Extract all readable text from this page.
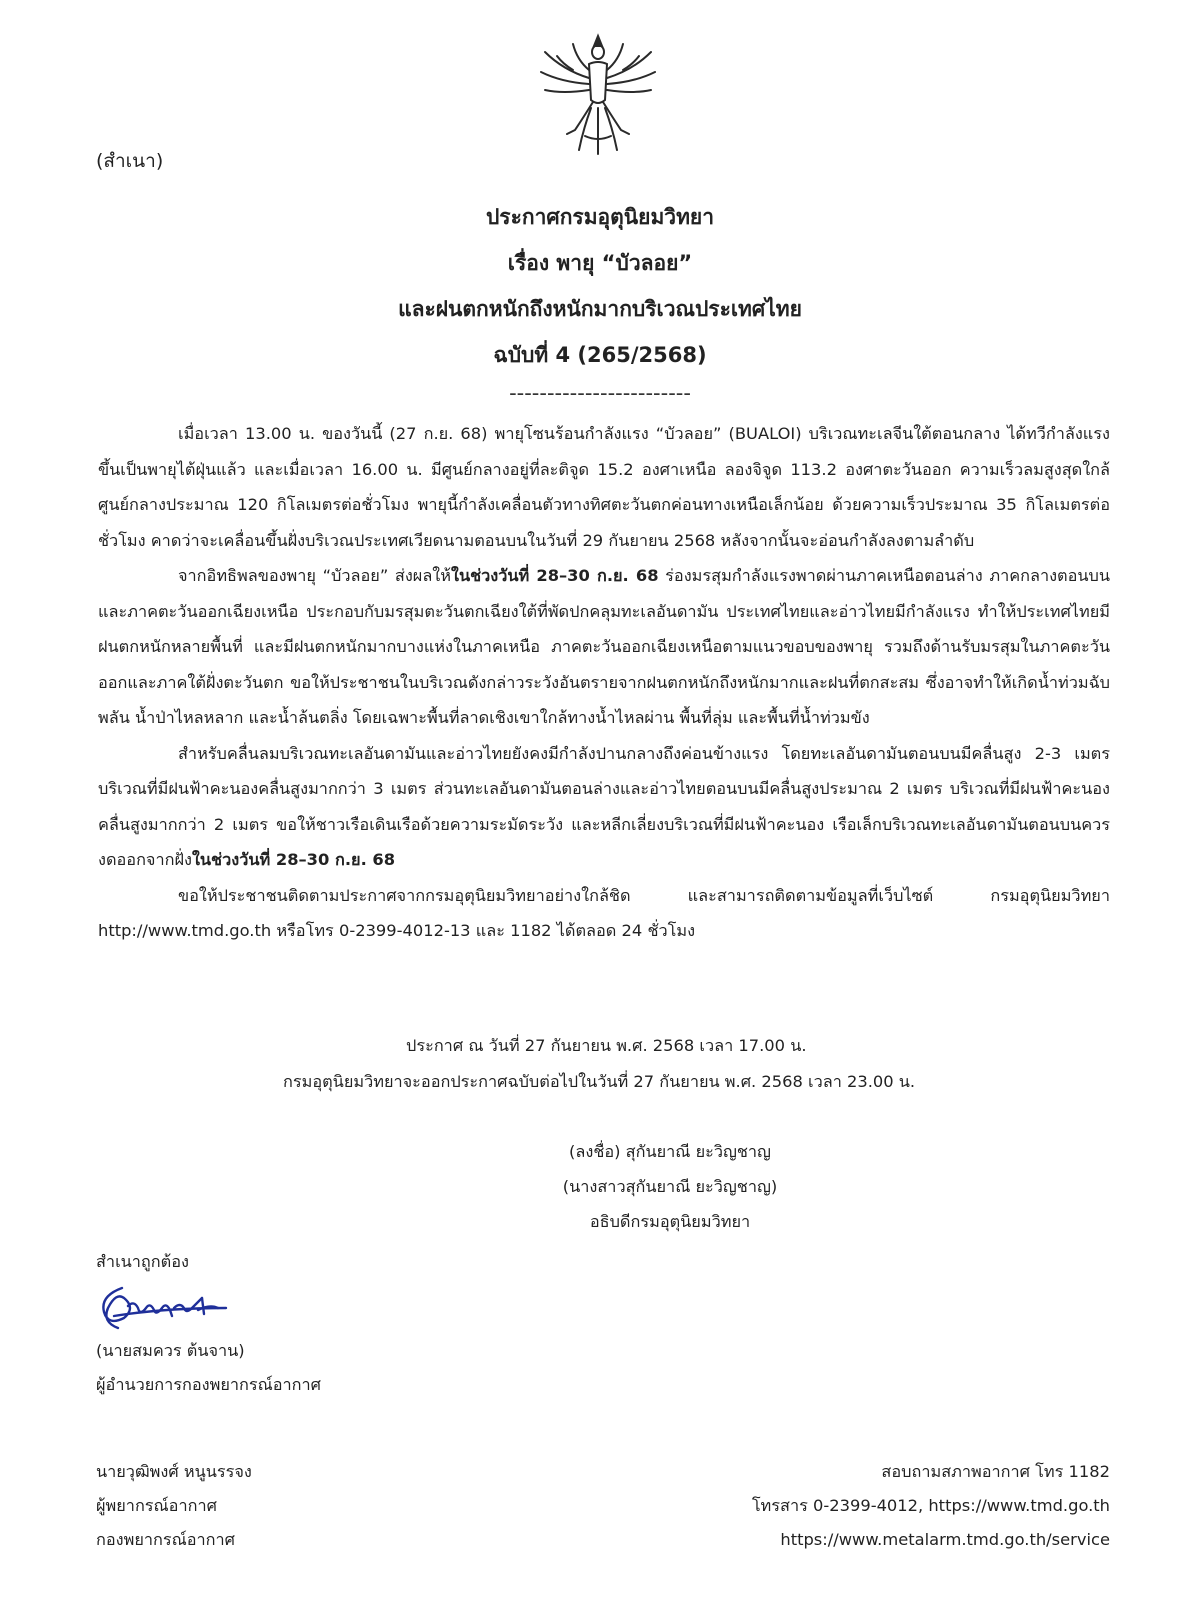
(สำเนา)
ประกาศกรมอุตุนิยมวิทยา
เรื่อง พายุ “บัวลอย”
และฝนตกหนักถึงหนักมากบริเวณประเทศไทย
ฉบับที่ 4 (265/2568)
------------------------

เมื่อเวลา 13.00 น. ของวันนี้ (27 ก.ย. 68) พายุโซนร้อนกำลังแรง “บัวลอย” (BUALOI) บริเวณทะเลจีนใต้ตอนกลาง ได้ทวีกำลังแรงขึ้นเป็นพายุไต้ฝุ่นแล้ว และเมื่อเวลา 16.00 น. มีศูนย์กลางอยู่ที่ละติจูด 15.2 องศาเหนือ ลองจิจูด 113.2 องศาตะวันออก ความเร็วลมสูงสุดใกล้ศูนย์กลางประมาณ 120 กิโลเมตรต่อชั่วโมง พายุนี้กำลังเคลื่อนตัวทางทิศตะวันตกค่อนทางเหนือเล็กน้อย ด้วยความเร็วประมาณ 35 กิโลเมตรต่อชั่วโมง คาดว่าจะเคลื่อนขึ้นฝั่งบริเวณประเทศเวียดนามตอนบนในวันที่ 29 กันยายน 2568 หลังจากนั้นจะอ่อนกำลังลงตามลำดับ

จากอิทธิพลของพายุ “บัวลอย” ส่งผลให้ในช่วงวันที่ 28–30 ก.ย. 68 ร่องมรสุมกำลังแรงพาดผ่านภาคเหนือตอนล่าง ภาคกลางตอนบน และภาคตะวันออกเฉียงเหนือ ประกอบกับมรสุมตะวันตกเฉียงใต้ที่พัดปกคลุมทะเลอันดามัน ประเทศไทยและอ่าวไทยมีกำลังแรง ทำให้ประเทศไทยมีฝนตกหนักหลายพื้นที่ และมีฝนตกหนักมากบางแห่งในภาคเหนือ ภาคตะวันออกเฉียงเหนือตามแนวขอบของพายุ รวมถึงด้านรับมรสุมในภาคตะวันออกและภาคใต้ฝั่งตะวันตก ขอให้ประชาชนในบริเวณดังกล่าวระวังอันตรายจากฝนตกหนักถึงหนักมากและฝนที่ตกสะสม ซึ่งอาจทำให้เกิดน้ำท่วมฉับพลัน น้ำป่าไหลหลาก และน้ำล้นตลิ่ง โดยเฉพาะพื้นที่ลาดเชิงเขาใกล้ทางน้ำไหลผ่าน พื้นที่ลุ่ม และพื้นที่น้ำท่วมขัง

สำหรับคลื่นลมบริเวณทะเลอันดามันและอ่าวไทยยังคงมีกำลังปานกลางถึงค่อนข้างแรง โดยทะเลอันดามันตอนบนมีคลื่นสูง 2-3 เมตร บริเวณที่มีฝนฟ้าคะนองคลื่นสูงมากกว่า 3 เมตร ส่วนทะเลอันดามันตอนล่างและอ่าวไทยตอนบนมีคลื่นสูงประมาณ 2 เมตร บริเวณที่มีฝนฟ้าคะนองคลื่นสูงมากกว่า 2 เมตร ขอให้ชาวเรือเดินเรือด้วยความระมัดระวัง และหลีกเลี่ยงบริเวณที่มีฝนฟ้าคะนอง เรือเล็กบริเวณทะเลอันดามันตอนบนควรงดออกจากฝั่งในช่วงวันที่ 28–30 ก.ย. 68

ขอให้ประชาชนติดตามประกาศจากกรมอุตุนิยมวิทยาอย่างใกล้ชิด และสามารถติดตามข้อมูลที่เว็บไซต์ กรมอุตุนิยมวิทยา http://www.tmd.go.th หรือโทร 0-2399-4012-13 และ 1182 ได้ตลอด 24 ชั่วโมง

ประกาศ ณ วันที่ 27 กันยายน พ.ศ. 2568 เวลา 17.00 น.
กรมอุตุนิยมวิทยาจะออกประกาศฉบับต่อไปในวันที่ 27 กันยายน พ.ศ. 2568 เวลา 23.00 น.
(ลงชื่อ) สุกันยาณี ยะวิญชาญ
(นางสาวสุกันยาณี ยะวิญชาญ)
อธิบดีกรมอุตุนิยมวิทยา
สำเนาถูกต้อง
(นายสมควร ต้นจาน)
ผู้อำนวยการกองพยากรณ์อากาศ
นายวุฒิพงศ์ หนูนรรจง
ผู้พยากรณ์อากาศ
กองพยากรณ์อากาศ
สอบถามสภาพอากาศ โทร 1182
โทรสาร 0-2399-4012, https://www.tmd.go.th
https://www.metalarm.tmd.go.th/service
